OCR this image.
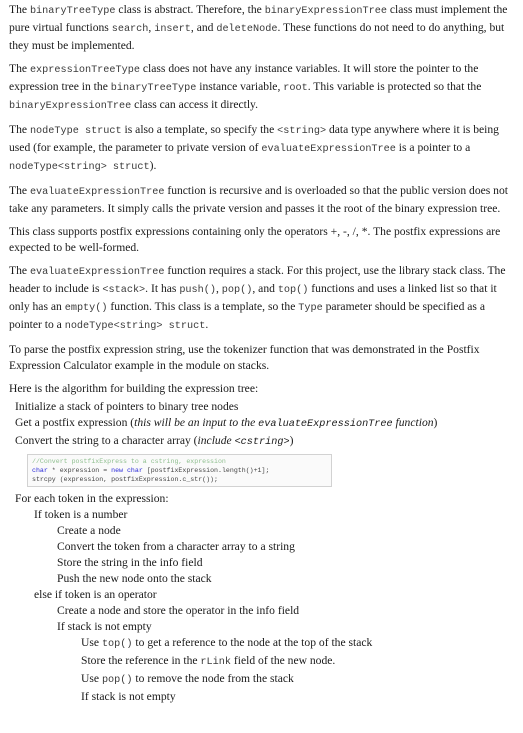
The binaryTreeType class is abstract. Therefore, the binaryExpressionTree class must implement the pure virtual functions search, insert, and deleteNode. These functions do not need to do anything, but they must be implemented.

The expressionTreeType class does not have any instance variables. It will store the pointer to the expression tree in the binaryTreeType instance variable, root. This variable is protected so that the binaryExpressionTree class can access it directly.

The nodeType struct is also a template, so specify the <string> data type anywhere where it is being used (for example, the parameter to private version of evaluateExpressionTree is a pointer to a nodeType<string> struct).

The evaluateExpressionTree function is recursive and is overloaded so that the public version does not take any parameters. It simply calls the private version and passes it the root of the binary expression tree.

This class supports postfix expressions containing only the operators +, -, /, *. The postfix expressions are expected to be well-formed.

The evaluateExpressionTree function requires a stack. For this project, use the library stack class. The header to include is <stack>. It has push(), pop(), and top() functions and uses a linked list so that it only has an empty() function. This class is a template, so the Type parameter should be specified as a pointer to a nodeType<string> struct.

To parse the postfix expression string, use the tokenizer function that was demonstrated in the Postfix Expression Calculator example in the module on stacks.

Here is the algorithm for building the expression tree:

Initialize a stack of pointers to binary tree nodes
Get a postfix expression (this will be an input to the evaluateExpressionTree function)
Convert the string to a character array (include <cstring>)
//Convert postfixExpress to a cstring, expression
char * expression = new char [postfixExpression.length()+1];
strcpy (expression, postfixExpression.c_str());
For each token in the expression:
If token is a number
Create a node
Convert the token from a character array to a string
Store the string in the info field
Push the new node onto the stack
else if token is an operator
Create a node and store the operator in the info field
If stack is not empty
Use top() to get a reference to the node at the top of the stack
Store the reference in the rLink field of the new node.
Use pop() to remove the node from the stack
If stack is not empty
